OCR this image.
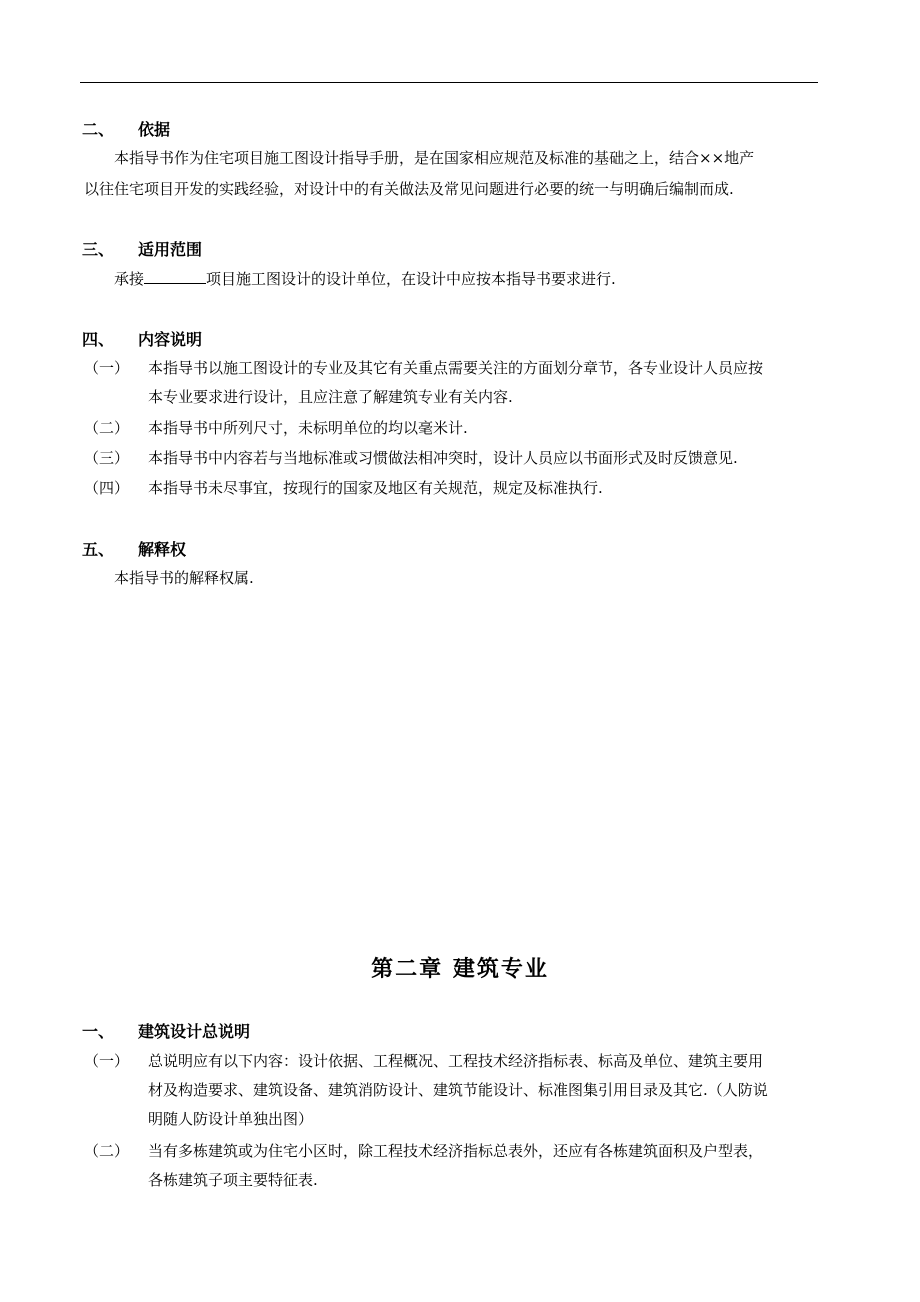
二、 依据
本指导书作为住宅项目施工图设计指导手册，是在国家相应规范及标准的基础之上，结合××地产
以往住宅项目开发的实践经验，对设计中的有关做法及常见问题进行必要的统一与明确后编制而成.
三、 适用范围
承接	项目施工图设计的设计单位，在设计中应按本指导书要求进行.
四、 内容说明
（一）	本指导书以施工图设计的专业及其它有关重点需要关注的方面划分章节，各专业设计人员应按
本专业要求进行设计，且应注意了解建筑专业有关内容.
（二）	本指导书中所列尺寸，未标明单位的均以毫米计.
（三）	本指导书中内容若与当地标准或习惯做法相冲突时，设计人员应以书面形式及时反馈意见.
（四）	本指导书未尽事宜，按现行的国家及地区有关规范，规定及标准执行.
五、 解释权
本指导书的解释权属.
第二章 建筑专业
一、 建筑设计总说明
（一）	总说明应有以下内容：设计依据、工程概况、工程技术经济指标表、标高及单位、建筑主要用
材及构造要求、建筑设备、建筑消防设计、建筑节能设计、标准图集引用目录及其它.（人防说
明随人防设计单独出图）
（二）	当有多栋建筑或为住宅小区时，除工程技术经济指标总表外，还应有各栋建筑面积及户型表，
各栋建筑子项主要特征表.
